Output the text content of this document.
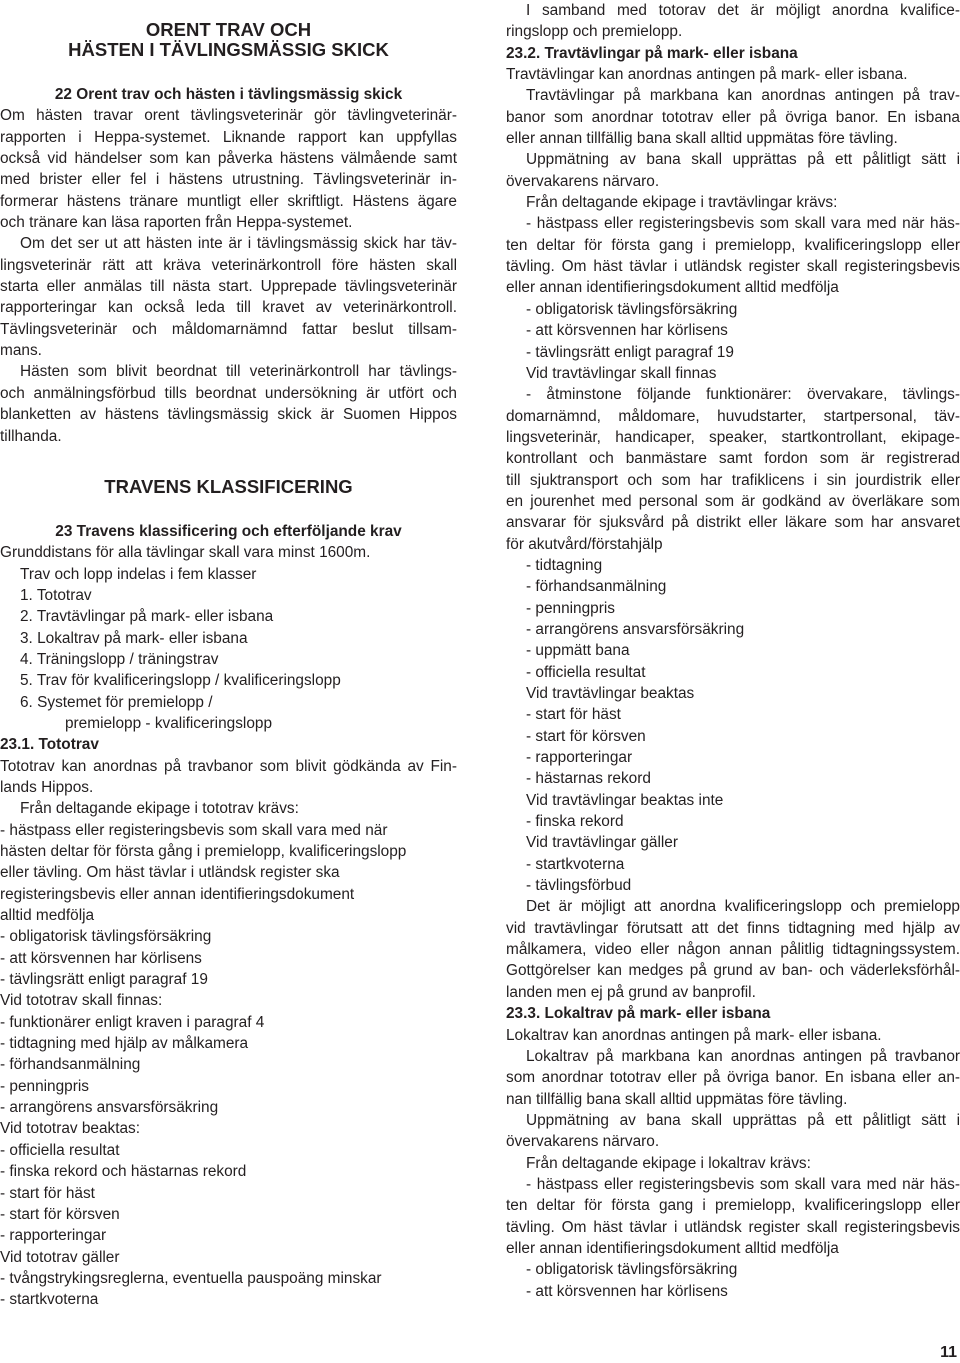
ORENT TRAV OCH

HÄSTEN I TÄVLINGSMÄSSIG SKICK

22 Orent trav och hästen i tävlingsmässig skick

Om hästen travar orent tävlingsveterinär gör tävlingveterinär-

rapporten i Heppa-systemet. Liknande rapport kan uppfyllas

också vid händelser som kan påverka hästens välmående samt

med brister eller fel i hästens utrustning. Tävlingsveterinär in-

formerar hästens tränare muntligt eller skriftligt. Hästens ägare

och tränare kan läsa raporten från Heppa-systemet.

Om det ser ut att hästen inte är i tävlingsmässig skick har täv-

lingsveterinär rätt att kräva veterinärkontroll före hästen skall

starta eller anmälas till nästa start. Upprepade tävlingsveterinär

rapporteringar kan också leda till kravet av veterinärkontroll.

Tävlingsveterinär och måldomarnämnd fattar beslut tillsam-

mans.

Hästen som blivit beordnat till veterinärkontroll har tävlings-

och anmälningsförbud tills beordnat undersökning är utfört och

blanketten av hästens tävlingsmässig skick är Suomen Hippos

tillhanda.

TRAVENS KLASSIFICERING

23 Travens klassificering och efterföljande krav

Grunddistans för alla tävlingar skall vara minst 1600m.

Trav och lopp indelas i fem klasser

1. Tototrav

2. Travtävlingar på mark- eller isbana

3. Lokaltrav på mark- eller isbana

4. Träningslopp / träningstrav

5. Trav för kvalificeringslopp / kvalificeringslopp

6. Systemet för premielopp /

premielopp - kvalificeringslopp

23.1. Tototrav

Tototrav kan anordnas på travbanor som blivit gödkända av Fin-

lands Hippos.

Från deltagande ekipage i tototrav krävs:

- hästpass eller registeringsbevis som skall vara med när

hästen deltar för första gång i premielopp, kvalificeringslopp

eller tävling. Om häst tävlar i utländsk register ska

registeringsbevis eller annan identifieringsdokument

alltid medfölja

- obligatorisk tävlingsförsäkring

- att körsvennen har körlisens

- tävlingsrätt enligt paragraf 19

Vid tototrav skall finnas:

- funktionärer enligt kraven i paragraf 4

- tidtagning med hjälp av målkamera

- förhandsanmälning

- penningpris

- arrangörens ansvarsförsäkring

Vid tototrav beaktas:

- officiella resultat

- finska rekord och hästarnas rekord

- start för häst

- start för körsven

- rapporteringar

Vid tototrav gäller

- tvångstrykingsreglerna, eventuella pauspoäng minskar

- startkvoterna

I samband med totorav det är möjligt anordna kvalifice-

ringslopp och premielopp.

23.2. Travtävlingar på mark- eller isbana

Travtävlingar kan anordnas antingen på mark- eller isbana.

Travtävlingar på markbana kan anordnas antingen på trav-

banor som anordnar tototrav eller på övriga banor. En isbana

eller annan tillfällig bana skall alltid uppmätas före tävling.

Uppmätning av bana skall upprättas på ett pålitligt sätt i

övervakarens närvaro.

Från deltagande ekipage i travtävlingar krävs:

- hästpass eller registeringsbevis som skall vara med när häs-

ten deltar för första gang i premielopp, kvalificeringslopp eller

tävling. Om häst tävlar i utländsk register skall registeringsbevis

eller annan identifieringsdokument alltid medfölja

- obligatorisk tävlingsförsäkring

- att körsvennen har körlisens

- tävlingsrätt enligt paragraf 19

Vid travtävlingar skall finnas

- åtminstone följande funktionärer: övervakare, tävlings-

domarnämnd, måldomare, huvudstarter, startpersonal, täv-

lingsveterinär, handicaper, speaker, startkontrollant, ekipage-

kontrollant och banmästare samt fordon som är registrerad

till sjuktransport och som har trafiklicens i sin jourdistrik eller

en jourenhet med personal som är godkänd av överläkare som

ansvarar för sjuksvård på distrikt eller läkare som har ansvaret

för akutvård/förstahjälp

- tidtagning

- förhandsanmälning

- penningpris

- arrangörens ansvarsförsäkring

- uppmätt bana

- officiella resultat

Vid travtävlingar beaktas

- start för häst

- start för körsven

- rapporteringar

- hästarnas rekord

Vid travtävlingar beaktas inte

- finska rekord

Vid travtävlingar gäller

- startkvoterna

- tävlingsförbud

Det är möjligt att anordna kvalificeringslopp och premielopp

vid travtävlingar förutsatt att det finns tidtagning med hjälp av

målkamera, video eller någon annan pålitlig tidtagningssystem.

Gottgörelser kan medges på grund av ban- och väderleksförhål-

landen men ej på grund av banprofil.

23.3. Lokaltrav på mark- eller isbana

Lokaltrav kan anordnas antingen på mark- eller isbana.

Lokaltrav på markbana kan anordnas antingen på travbanor

som anordnar tototrav eller på övriga banor. En isbana eller an-

nan tillfällig bana skall alltid uppmätas före tävling.

Uppmätning av bana skall upprättas på ett pålitligt sätt i

övervakarens närvaro.

Från deltagande ekipage i lokaltrav krävs:

- hästpass eller registeringsbevis som skall vara med när häs-

ten deltar för första gang i premielopp, kvalificeringslopp eller

tävling. Om häst tävlar i utländsk register skall registeringsbevis

eller annan identifieringsdokument alltid medfölja

- obligatorisk tävlingsförsäkring

- att körsvennen har körlisens

11
